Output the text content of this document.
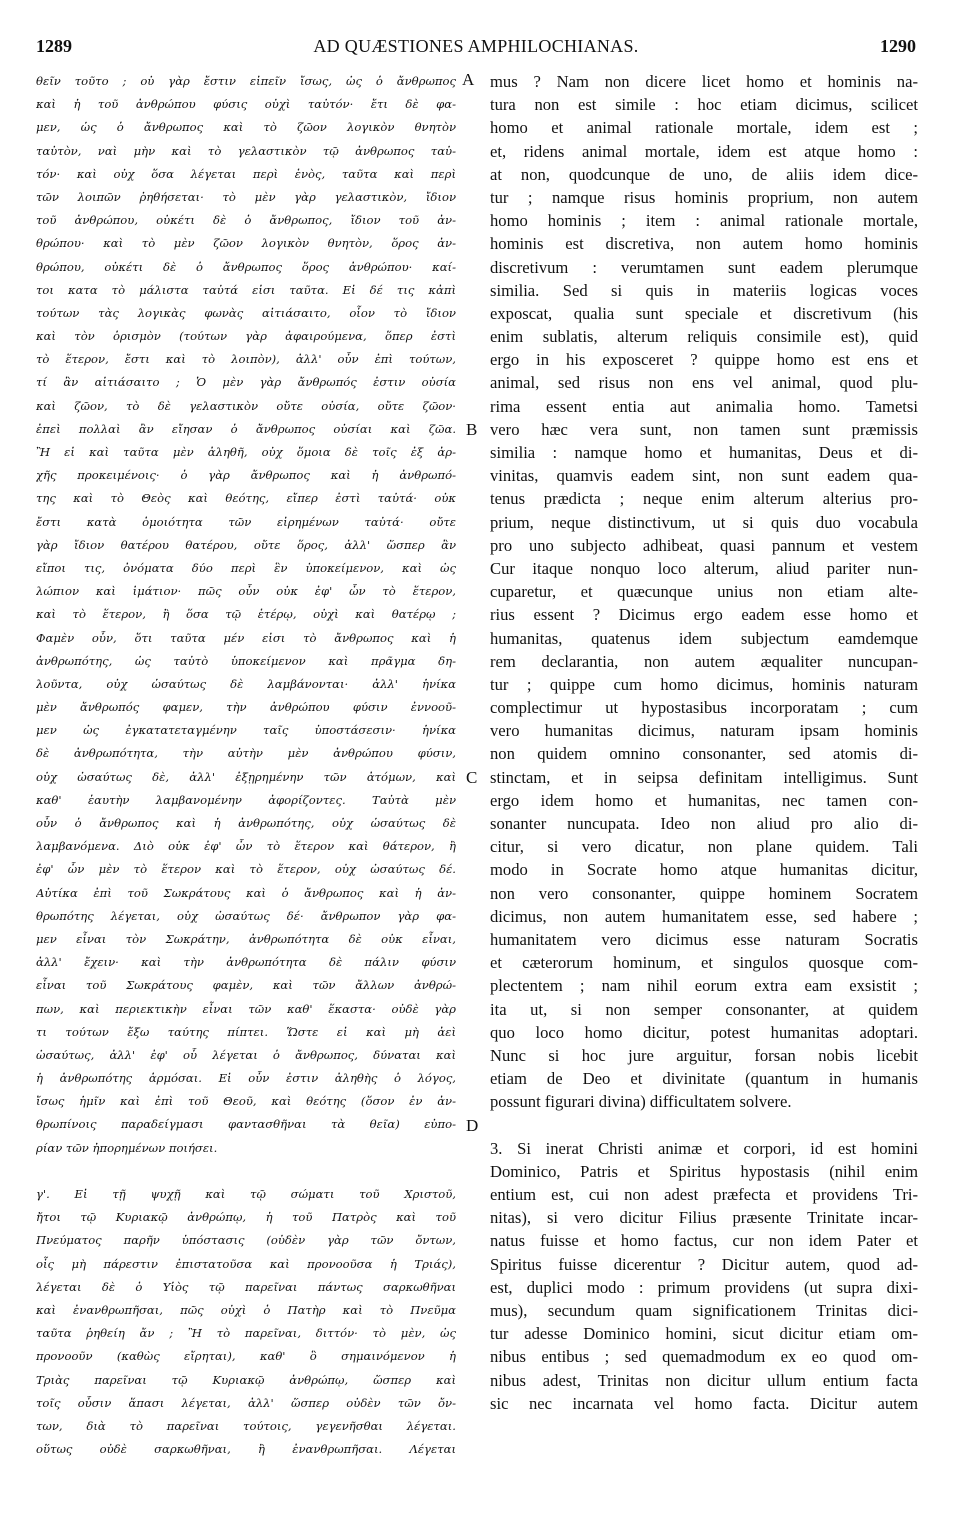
1289	AD QUÆSTIONES AMPHILOCHIANAS.	1290
θεῖν τοῦτο ; οὐ γὰρ ἔστιν εἰπεῖν ἴσως, ὡς ὁ ἄνθρωπος
καὶ ἡ τοῦ ἀνθρώπου φύσις οὐχὶ ταὐτόν· ἔτι δὲ φα-
μεν, ὡς ὁ ἄνθρωπος καὶ τὸ ζῶον λογικὸν θνητὸν
ταὐτὸν, ναὶ μὴν καὶ τὸ γελαστικὸν τῷ ἀνθρωπος ταὐ-
τόν· καὶ οὐχ ὅσα λέγεται περὶ ἑνὸς, ταῦτα καὶ περὶ
τῶν λοιπῶν ῥηθήσεται· τὸ μὲν γὰρ γελαστικὸν, ἴδιον
τοῦ ἀνθρώπου, οὐκέτι δὲ ὁ ἄνθρωπος, ἴδιον τοῦ ἀν-
θρώπου· καὶ τὸ μὲν ζῶον λογικὸν θνητὸν, ὅρος ἀν-
θρώπου, οὐκέτι δὲ ὁ ἄνθρωπος ὅρος ἀνθρώπου· καί-
τοι κατα τὸ μάλιστα ταὐτά εἰσι ταῦτα. Εἰ δέ τις κἀπὶ
τούτων τὰς λογικὰς φωνὰς αἰτιάσαιτο, οἷον τὸ ἴδιον
καὶ τὸν ὁρισμὸν (τούτων γὰρ ἀφαιρούμενα, ὅπερ ἐστὶ
τὸ ἕτερον, ἔστι καὶ τὸ λοιπὸν), ἀλλ' οὖν ἐπὶ τούτων,
τί ἂν αἰτιάσαιτο ; Ὁ μὲν γὰρ ἄνθρωπός ἐστιν οὐσία
καὶ ζῶον, τὸ δὲ γελαστικὸν οὔτε οὐσία, οὔτε ζῶον·
ἐπεὶ πολλαὶ ἂν εἴησαν ὁ ἄνθρωπος οὐσίαι καὶ ζῶα.
Ἢ εἰ καὶ ταῦτα μὲν ἀληθῆ, οὐχ ὅμοια δὲ τοῖς ἐξ ἀρ-
χῆς προκειμένοις· ὁ γὰρ ἄνθρωπος καὶ ἡ ἀνθρωπό-
της καὶ τὸ Θεὸς καὶ θεότης, εἴπερ ἐστὶ ταὐτά· οὐκ
ἔστι κατὰ ὁμοιότητα τῶν εἰρημένων ταὐτά· οὔτε
γὰρ ἴδιον θατέρου θατέρου, οὔτε ὅρος, ἀλλ' ὥσπερ ἂν
εἴποι τις, ὀνόματα δύο περὶ ἓν ὑποκείμενον, καὶ ὡς
λώπιον καὶ ἱμάτιον· πῶς οὖν οὐκ ἐφ' ὧν τὸ ἕτερον,
καὶ τὸ ἕτερον, ἢ ὅσα τῷ ἑτέρῳ, οὐχὶ καὶ θατέρῳ ;
Φαμὲν οὖν, ὅτι ταῦτα μέν εἰσι τὸ ἄνθρωπος καὶ ἡ
ἀνθρωπότης, ὡς ταὐτὸ ὑποκείμενον καὶ πρᾶγμα δη-
λοῦντα, οὐχ ὡσαύτως δὲ λαμβάνονται· ἀλλ' ἡνίκα
μὲν ἄνθρωπός φαμεν, τὴν ἀνθρώπου φύσιν ἐννοοῦ-
μεν ὡς ἐγκατατεταγμένην ταῖς ὑποστάσεσιν· ἡνίκα
δὲ ἀνθρωπότητα, τὴν αὐτὴν μὲν ἀνθρώπου φύσιν,
οὐχ ὡσαύτως δὲ, ἀλλ' ἐξῃρημένην τῶν ἀτόμων, καὶ
καθ' ἑαυτὴν λαμβανομένην ἀφορίζοντες. Ταὐτὰ μὲν
οὖν ὁ ἄνθρωπος καὶ ἡ ἀνθρωπότης, οὐχ ὡσαύτως δὲ
λαμβανόμενα. Διὸ οὐκ ἐφ' ὧν τὸ ἕτερον καὶ θάτερον, ἢ
ἐφ' ὧν μὲν τὸ ἕτερον καὶ τὸ ἕτερον, οὐχ ὡσαύτως δέ.
Αὐτίκα ἐπὶ τοῦ Σωκράτους καὶ ὁ ἄνθρωπος καὶ ἡ ἀν-
θρωπότης λέγεται, οὐχ ὡσαύτως δέ· ἄνθρωπον γὰρ φα-
μεν εἶναι τὸν Σωκράτην, ἀνθρωπότητα δὲ οὐκ εἶναι,
ἀλλ' ἔχειν· καὶ τὴν ἀνθρωπότητα δὲ πάλιν φύσιν
εἶναι τοῦ Σωκράτους φαμὲν, καὶ τῶν ἄλλων ἀνθρώ-
πων, καὶ περιεκτικὴν εἶναι τῶν καθ' ἕκαστα· οὐδὲ γὰρ
τι τούτων ἔξω ταύτης πίπτει. Ὥστε εἰ καὶ μὴ ἀεὶ
ὡσαύτως, ἀλλ' ἐφ' οὗ λέγεται ὁ ἄνθρωπος, δύναται καὶ
ἡ ἀνθρωπότης ἁρμόσαι. Εἰ οὖν ἐστιν ἀληθὴς ὁ λόγος,
ἴσως ἡμῖν καὶ ἐπὶ τοῦ Θεοῦ, καὶ θεότης (ὅσον ἐν ἀν-
θρωπίνοις παραδείγμασι φαντασθῆναι τὰ θεῖα) εὐπο-
ρίαν τῶν ἠπορημένων ποιήσει.
γ'. Εἰ τῇ ψυχῇ καὶ τῷ σώματι τοῦ Χριστοῦ,
ἤτοι τῷ Κυριακῷ ἀνθρώπῳ, ἡ τοῦ Πατρὸς καὶ τοῦ
Πνεύματος παρῆν ὑπόστασις (οὐδὲν γὰρ τῶν ὄντων,
οἷς μὴ πάρεστιν ἐπιστατοῦσα καὶ προνοοῦσα ἡ Τριάς),
λέγεται δὲ ὁ Υἱὸς τῷ παρεῖναι πάντως σαρκωθῆναι
καὶ ἐνανθρωπῆσαι, πῶς οὐχὶ ὁ Πατὴρ καὶ τὸ Πνεῦμα
ταῦτα ῥηθείη ἄν ; Ἢ τὸ παρεῖναι, διττόν· τὸ μὲν, ὡς
προνοοῦν (καθὼς εἴρηται), καθ' ὃ σημαινόμενον ἡ
Τριὰς παρεῖναι τῷ Κυριακῷ ἀνθρώπῳ, ὥσπερ καὶ
τοῖς οὖσιν ἅπασι λέγεται, ἀλλ' ὥσπερ οὐδὲν τῶν ὄν-
των, διὰ τὸ παρεῖναι τούτοις, γεγενῆσθαι λέγεται.
οὕτως οὐδὲ σαρκωθῆναι, ἢ ἐνανθρωπῆσαι. Λέγεται
mus ? Nam non dicere licet homo et hominis na-
tura non est simile : hoc etiam dicimus, scilicet
homo et animal rationale mortale, idem est ;
et, ridens animal mortale, idem est atque homo :
at non, quodcunque de uno, de aliis idem dice-
tur ; namque risus hominis proprium, non autem
homo hominis ; item : animal rationale mortale,
hominis est discretiva, non autem homo hominis
discretivum : verumtamen sunt eadem plerumque
similia. Sed si quis in materiis logicas voces
exposcat, qualia sunt speciale et discretivum (his
enim sublatis, alterum reliquis consimile est), quid
ergo in his exposceret ? quippe homo est ens et
animal, sed risus non ens vel animal, quod plu-
rima essent entia aut animalia homo. Tametsi
vero hæc vera sunt, non tamen sunt præmissis
similia : namque homo et humanitas, Deus et di-
vinitas, quamvis eadem sint, non sunt eadem qua-
tenus prædicta ; neque enim alterum alterius pro-
prium, neque distinctivum, ut si quis duo vocabula
pro uno subjecto adhibeat, quasi pannum et vestem
Cur itaque nonquo loco alterum, aliud pariter nun-
cuparetur, et quæcunque unius non etiam alte-
rius essent ? Dicimus ergo eadem esse homo et
humanitas, quatenus idem subjectum eamdemque
rem declarantia, non autem æqualiter nuncupan-
tur ; quippe cum homo dicimus, hominis naturam
complectimur ut hypostasibus incorporatam ; cum
vero humanitas dicimus, naturam ipsam hominis
non quidem omnino consonanter, sed atomis di-
stinctam, et in seipsa definitam intelligimus. Sunt
ergo idem homo et humanitas, nec tamen con-
sonanter nuncupata. Ideo non aliud pro alio di-
citur, si vero dicatur, non plane quidem. Tali
modo in Socrate homo atque humanitas dicitur,
non vero consonanter, quippe hominem Socratem
dicimus, non autem humanitatem esse, sed habere ;
humanitatem vero dicimus esse naturam Socratis
et cæterorum hominum, et singulos quosque com-
plectentem ; nam nihil eorum extra eam exsistit ;
ita ut, si non semper consonanter, at quidem
quo loco homo dicitur, potest humanitas adoptari.
Nunc si hoc jure arguitur, forsan nobis licebit
etiam de Deo et divinitate (quantum in humanis
possunt figurari divina) difficultatem solvere.
3. Si inerat Christi animæ et corpori, id est homini
Dominico, Patris et Spiritus hypostasis (nihil enim
entium est, cui non adest præfecta et providens Tri-
nitas), si vero dicitur Filius præsente Trinitate incar-
natus fuisse et homo factus, cur non idem Pater et
Spiritus fuisse dicerentur ? Dicitur autem, quod ad-
est, duplici modo : primum providens (ut supra dixi-
mus), secundum quam significationem Trinitas dici-
tur adesse Dominico homini, sicut dicitur etiam om-
nibus entibus ; sed quemadmodum ex eo quod om-
nibus adest, Trinitas non dicitur ullum entium facta
sic nec incarnata vel homo facta. Dicitur autem
A
B
C
D
